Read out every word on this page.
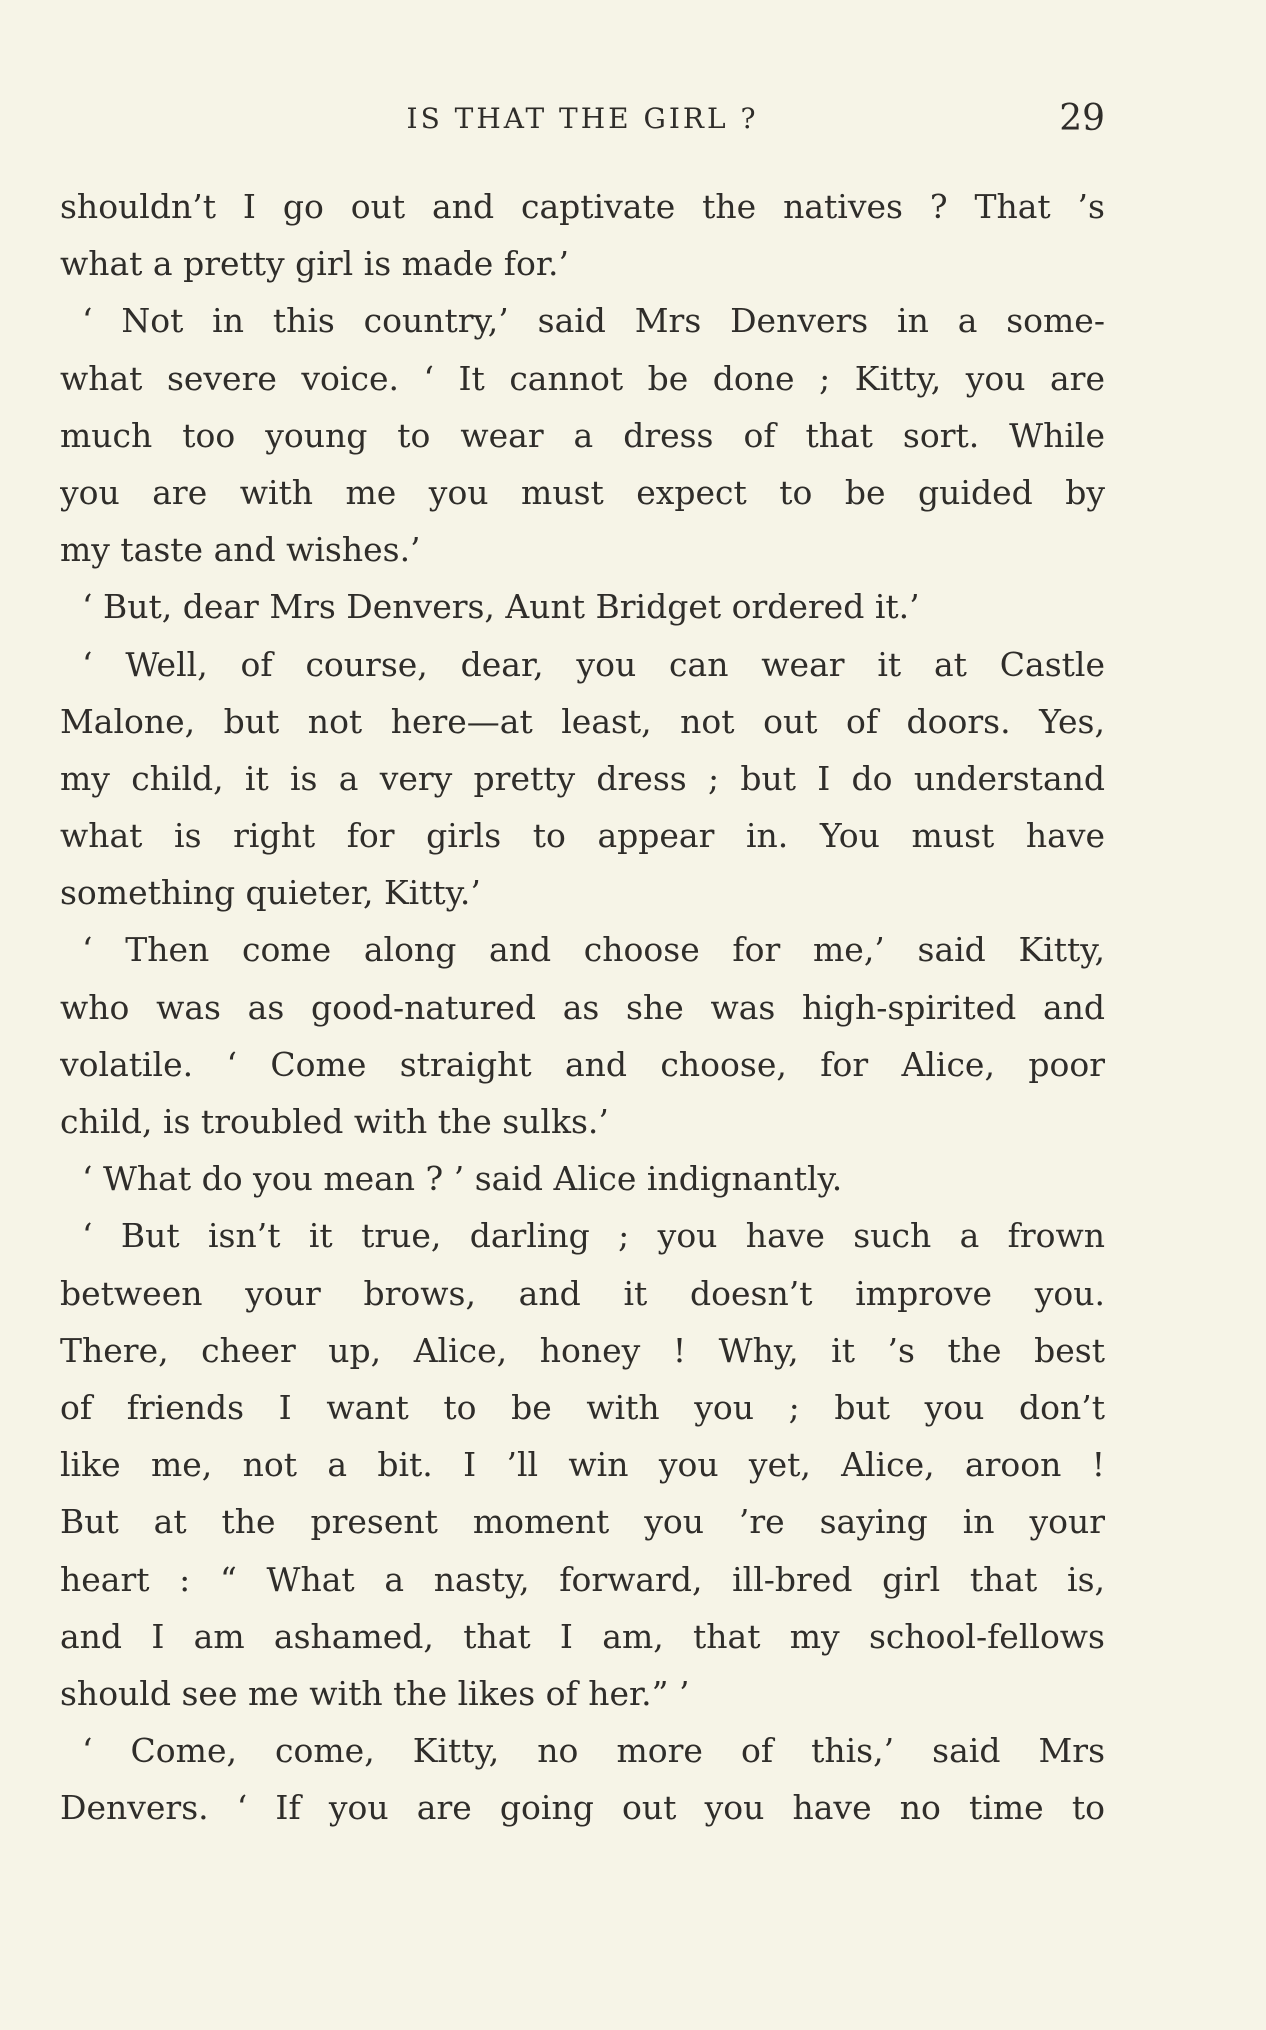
IS THAT THE GIRL ?	29
shouldn’t I go out and captivate the natives ? That ’s
what a pretty girl is made for.’
‘ Not in this country,’ said Mrs Denvers in a some-
what severe voice. ‘ It cannot be done ; Kitty, you are
much too young to wear a dress of that sort. While
you are with me you must expect to be guided by
my taste and wishes.’
‘ But, dear Mrs Denvers, Aunt Bridget ordered it.’
‘ Well, of course, dear, you can wear it at Castle
Malone, but not here—at least, not out of doors. Yes,
my child, it is a very pretty dress ; but I do understand
what is right for girls to appear in. You must have
something quieter, Kitty.’
‘ Then come along and choose for me,’ said Kitty,
who was as good-natured as she was high-spirited and
volatile. ‘ Come straight and choose, for Alice, poor
child, is troubled with the sulks.’
‘ What do you mean ? ’ said Alice indignantly.
‘ But isn’t it true, darling ; you have such a frown
between your brows, and it doesn’t improve you.
There, cheer up, Alice, honey ! Why, it ’s the best
of friends I want to be with you ; but you don’t
like me, not a bit. I ’ll win you yet, Alice, aroon !
But at the present moment you ’re saying in your
heart : “ What a nasty, forward, ill-bred girl that is,
and I am ashamed, that I am, that my school-fellows
should see me with the likes of her.” ’
‘ Come, come, Kitty, no more of this,’ said Mrs
Denvers. ‘ If you are going out you have no time to
